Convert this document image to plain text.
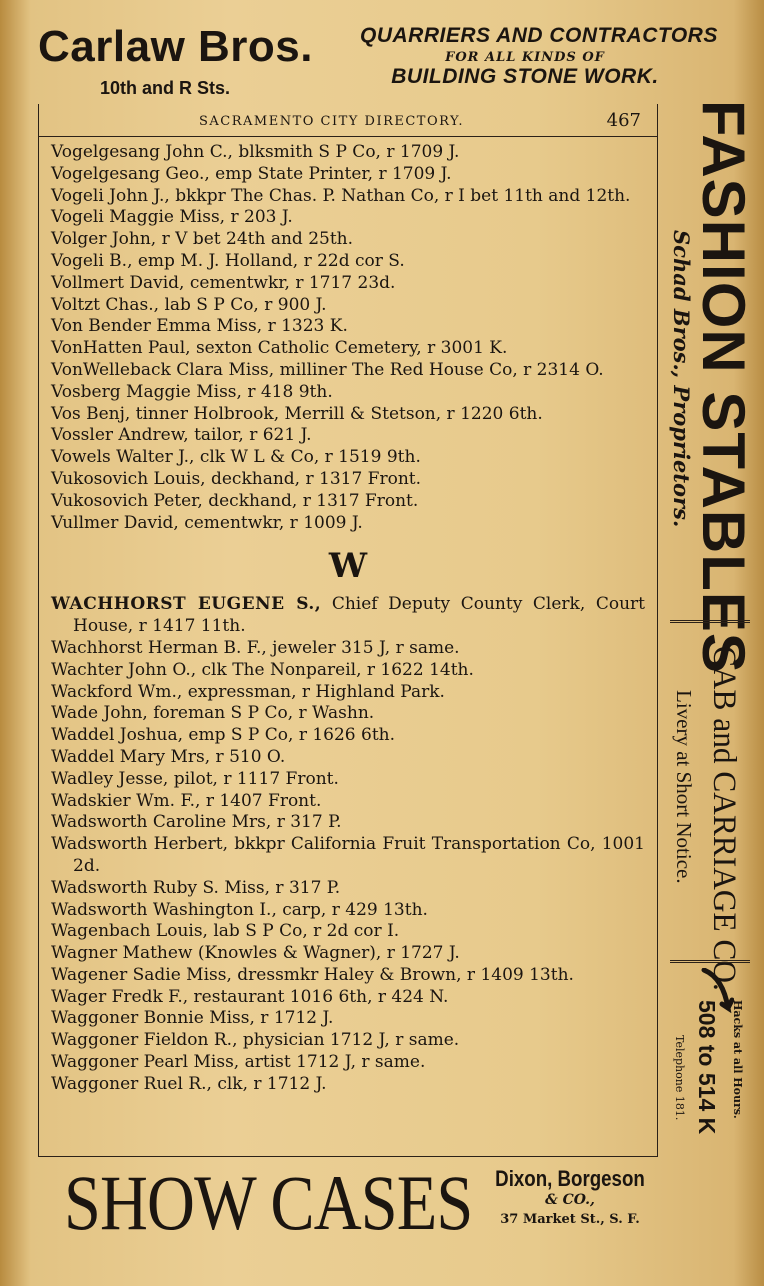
Carlaw Bros.
10th and R Sts.
QUARRIERS AND CONTRACTORS
FOR ALL KINDS OF
BUILDING STONE WORK.
SACRAMENTO CITY DIRECTORY.	467
Vogelgesang John C., blksmith S P Co, r 1709 J.
Vogelgesang Geo., emp State Printer, r 1709 J.
Vogeli John J., bkkpr The Chas. P. Nathan Co, r I bet 11th and 12th.
Vogeli Maggie Miss, r 203 J.
Volger John, r V bet 24th and 25th.
Vogeli B., emp M. J. Holland, r 22d cor S.
Vollmert David, cementwkr, r 1717 23d.
Voltzt Chas., lab S P Co, r 900 J.
Von Bender Emma Miss, r 1323 K.
VonHatten Paul, sexton Catholic Cemetery, r 3001 K.
VonWelleback Clara Miss, milliner The Red House Co, r 2314 O.
Vosberg Maggie Miss, r 418 9th.
Vos Benj, tinner Holbrook, Merrill & Stetson, r 1220 6th.
Vossler Andrew, tailor, r 621 J.
Vowels Walter J., clk W L & Co, r 1519 9th.
Vukosovich Louis, deckhand, r 1317 Front.
Vukosovich Peter, deckhand, r 1317 Front.
Vullmer David, cementwkr, r 1009 J.
W
WACHHORST EUGENE S., Chief Deputy County Clerk, Court House, r 1417 11th.
Wachhorst Herman B. F., jeweler 315 J, r same.
Wachter John O., clk The Nonpareil, r 1622 14th.
Wackford Wm., expressman, r Highland Park.
Wade John, foreman S P Co, r Washn.
Waddel Joshua, emp S P Co, r 1626 6th.
Waddel Mary Mrs, r 510 O.
Wadley Jesse, pilot, r 1117 Front.
Wadskier Wm. F., r 1407 Front.
Wadsworth Caroline Mrs, r 317 P.
Wadsworth Herbert, bkkpr California Fruit Transportation Co, 1001 2d.
Wadsworth Ruby S. Miss, r 317 P.
Wadsworth Washington I., carp, r 429 13th.
Wagenbach Louis, lab S P Co, r 2d cor I.
Wagner Mathew (Knowles & Wagner), r 1727 J.
Wagener Sadie Miss, dressmkr Haley & Brown, r 1409 13th.
Wager Fredk F., restaurant 1016 6th, r 424 N.
Waggoner Bonnie Miss, r 1712 J.
Waggoner Fieldon R., physician 1712 J, r same.
Waggoner Pearl Miss, artist 1712 J, r same.
Waggoner Ruel R., clk, r 1712 J.
SHOW CASES Dixon, Borgeson
& CO.,
37 Market St., S. F.
FASHION STABLES
Schad Bros., Proprietors.
CAB and CARRIAGE CO.
Livery at Short Notice.
508 to 514 K Hacks at all Hours.
Telephone 181.
